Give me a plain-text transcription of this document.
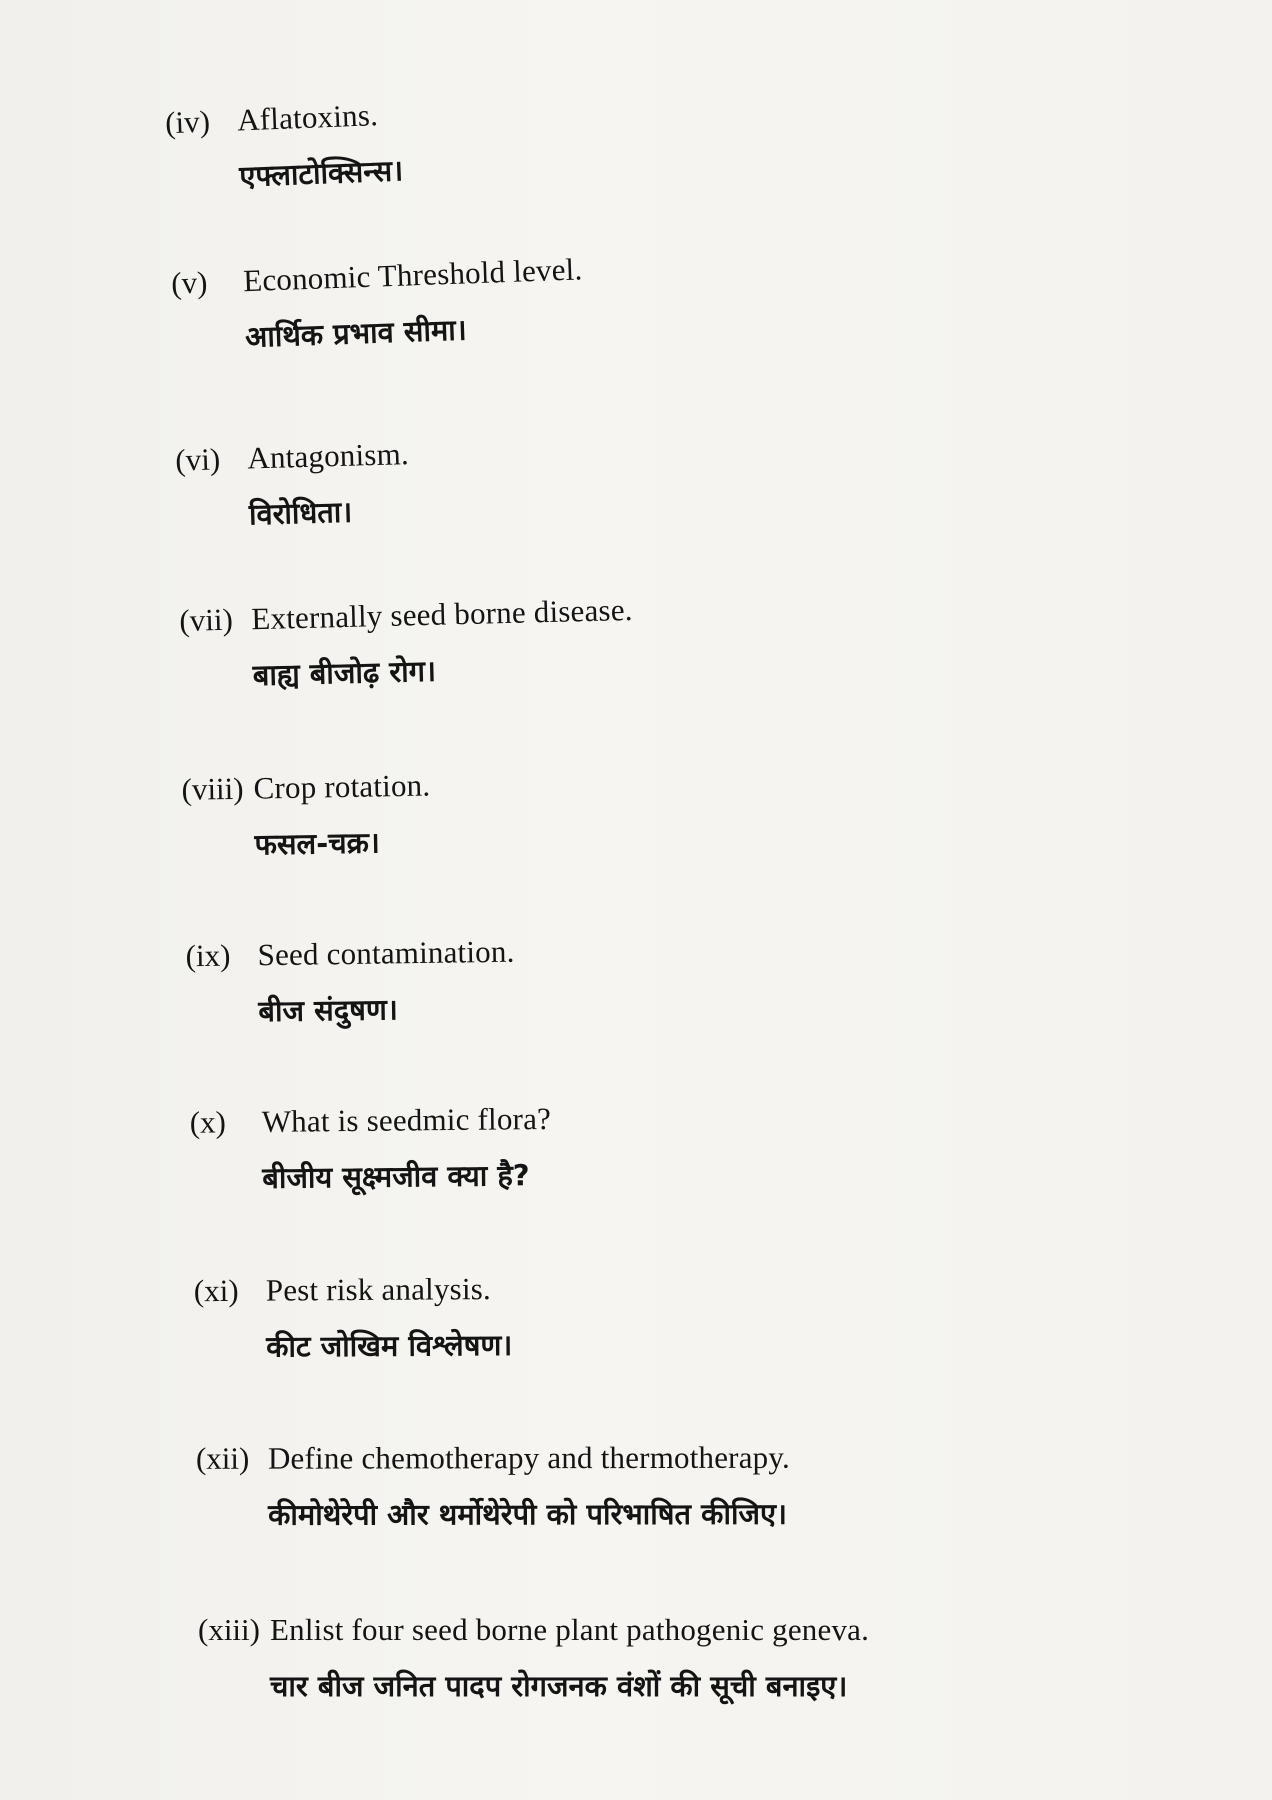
(iv) Aflatoxins.
एफ्लाटोक्सिन्स।
(v)	Economic Threshold level.
आर्थिक प्रभाव सीमा।
(vi) Antagonism.
विरोधिता।
(vii) Externally seed borne disease.
बाह्य बीजोढ़ रोग।
(viii) Crop rotation.
फसल-चक्र।
(ix) Seed contamination.
बीज संदुषण।
(x)	What is seedmic flora?
बीजीय सूक्ष्मजीव क्या है?
(xi) Pest risk analysis.
कीट जोखिम विश्लेषण।
(xii) Define chemotherapy and thermotherapy.
कीमोथेरेपी और थर्मोथेरेपी को परिभाषित कीजिए।
(xiii) Enlist four seed borne plant pathogenic geneva.
चार बीज जनित पादप रोगजनक वंशों की सूची बनाइए।
